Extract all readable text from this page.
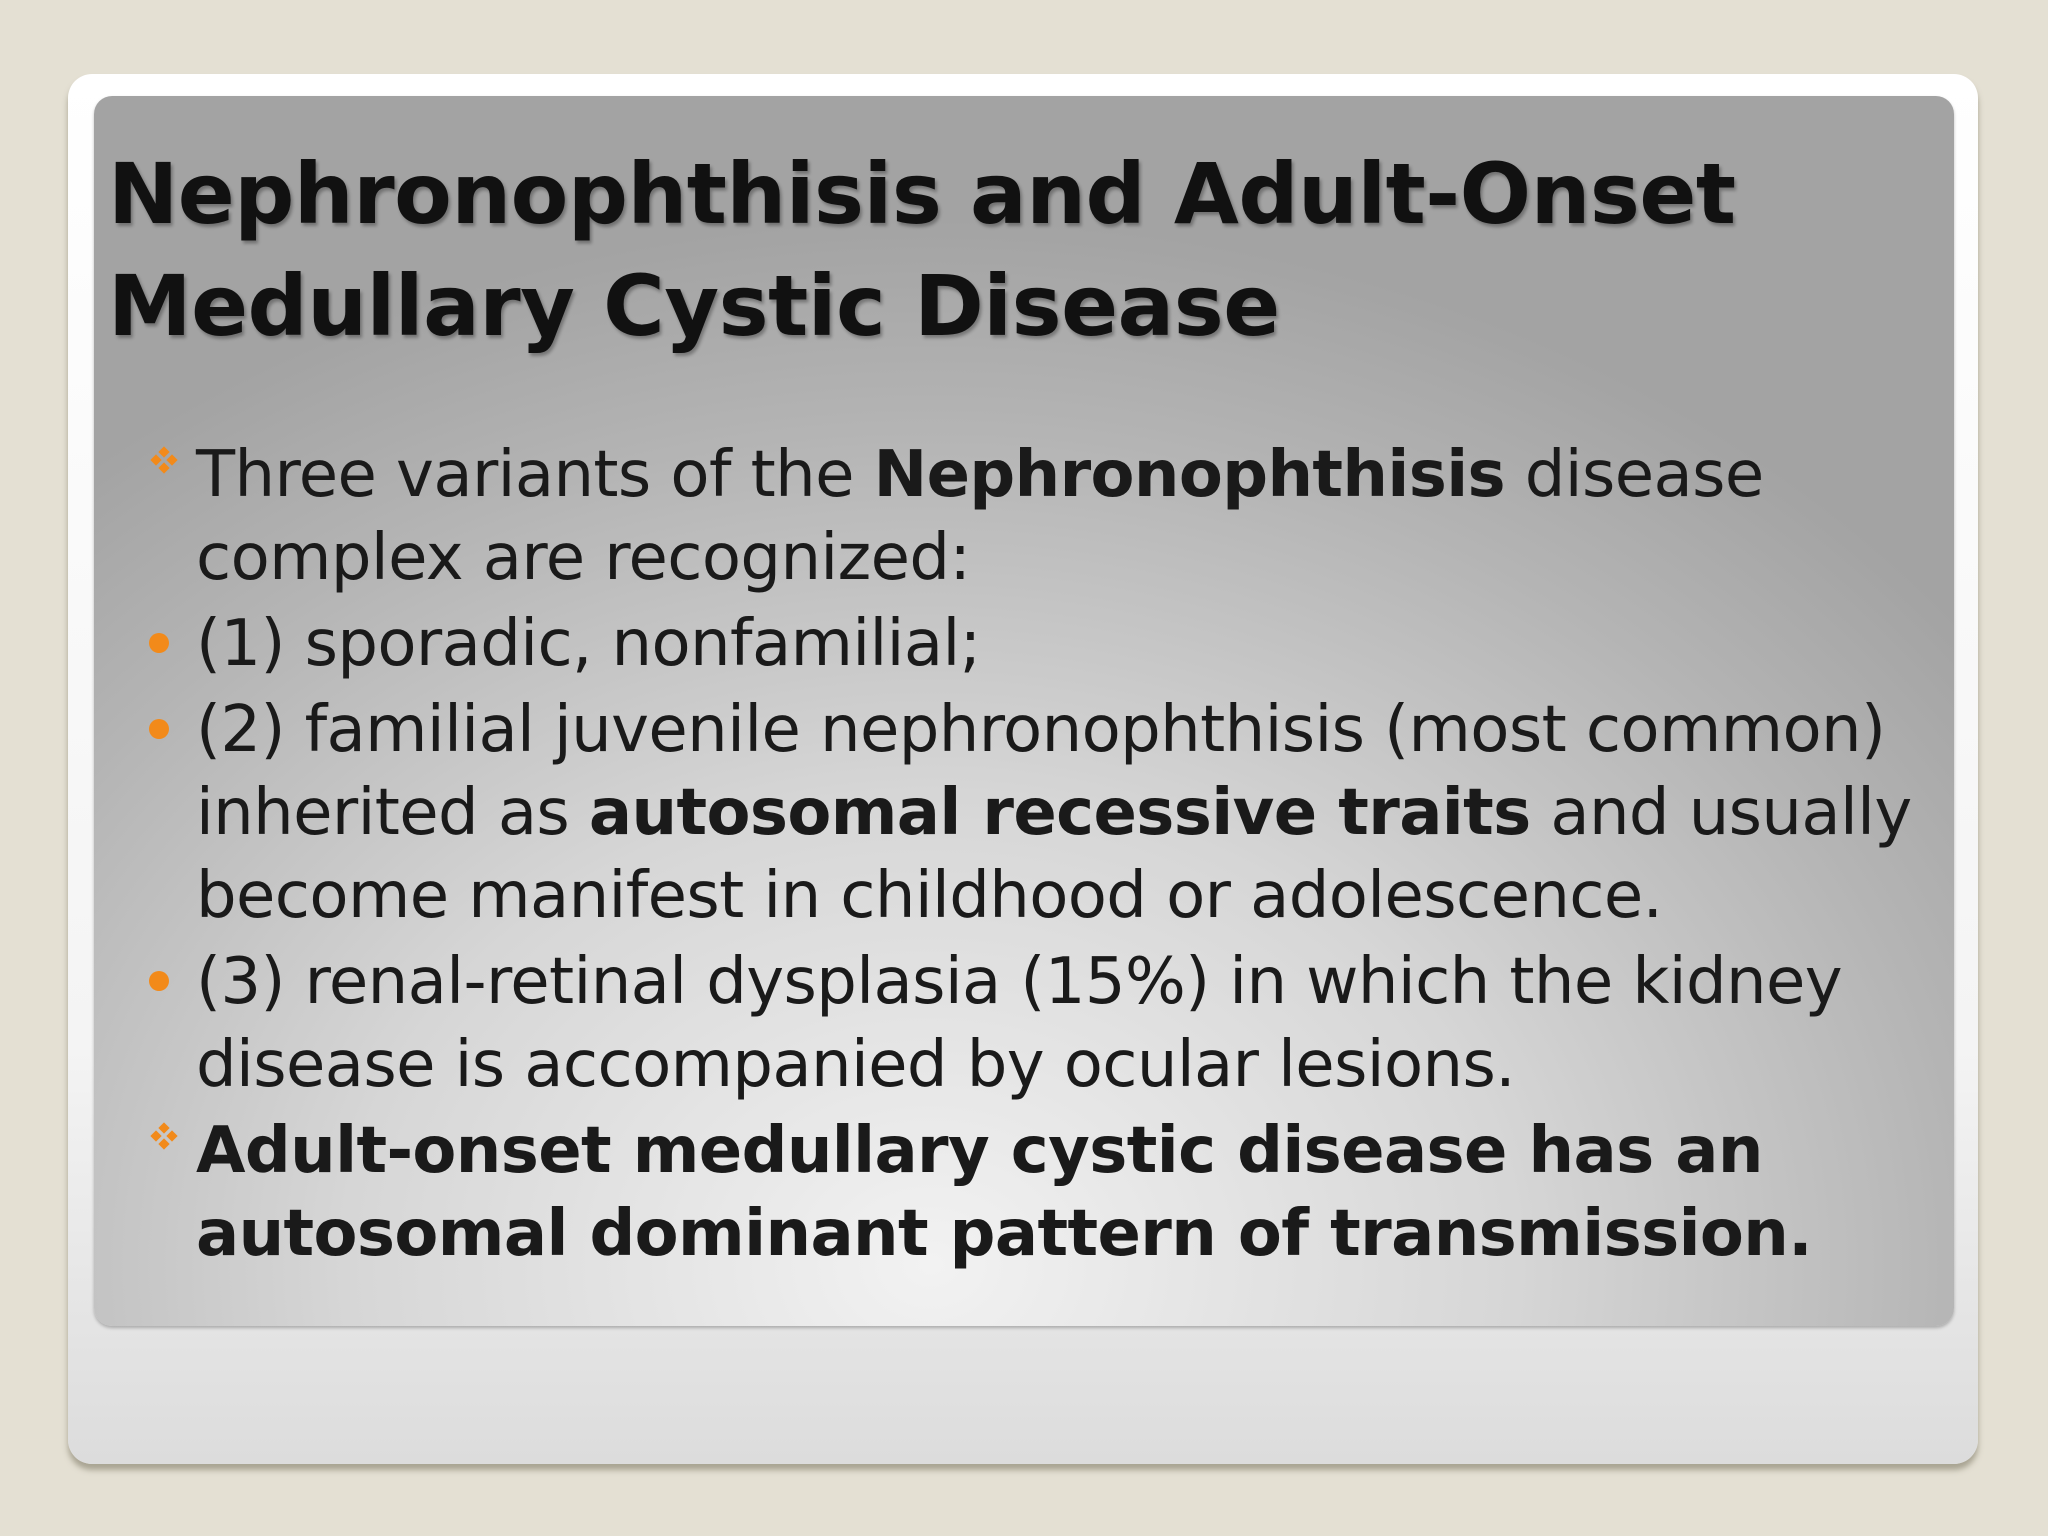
Nephronophthisis and Adult-Onset
Medullary Cystic Disease
Three variants of the Nephronophthisis disease complex are recognized:
(1) sporadic, nonfamilial;
(2) familial juvenile nephronophthisis (most common) inherited as autosomal recessive traits and usually become manifest in childhood or adolescence.
(3) renal-retinal dysplasia (15%) in which the kidney disease is accompanied by ocular lesions.
Adult-onset medullary cystic disease has an autosomal dominant pattern of transmission.
